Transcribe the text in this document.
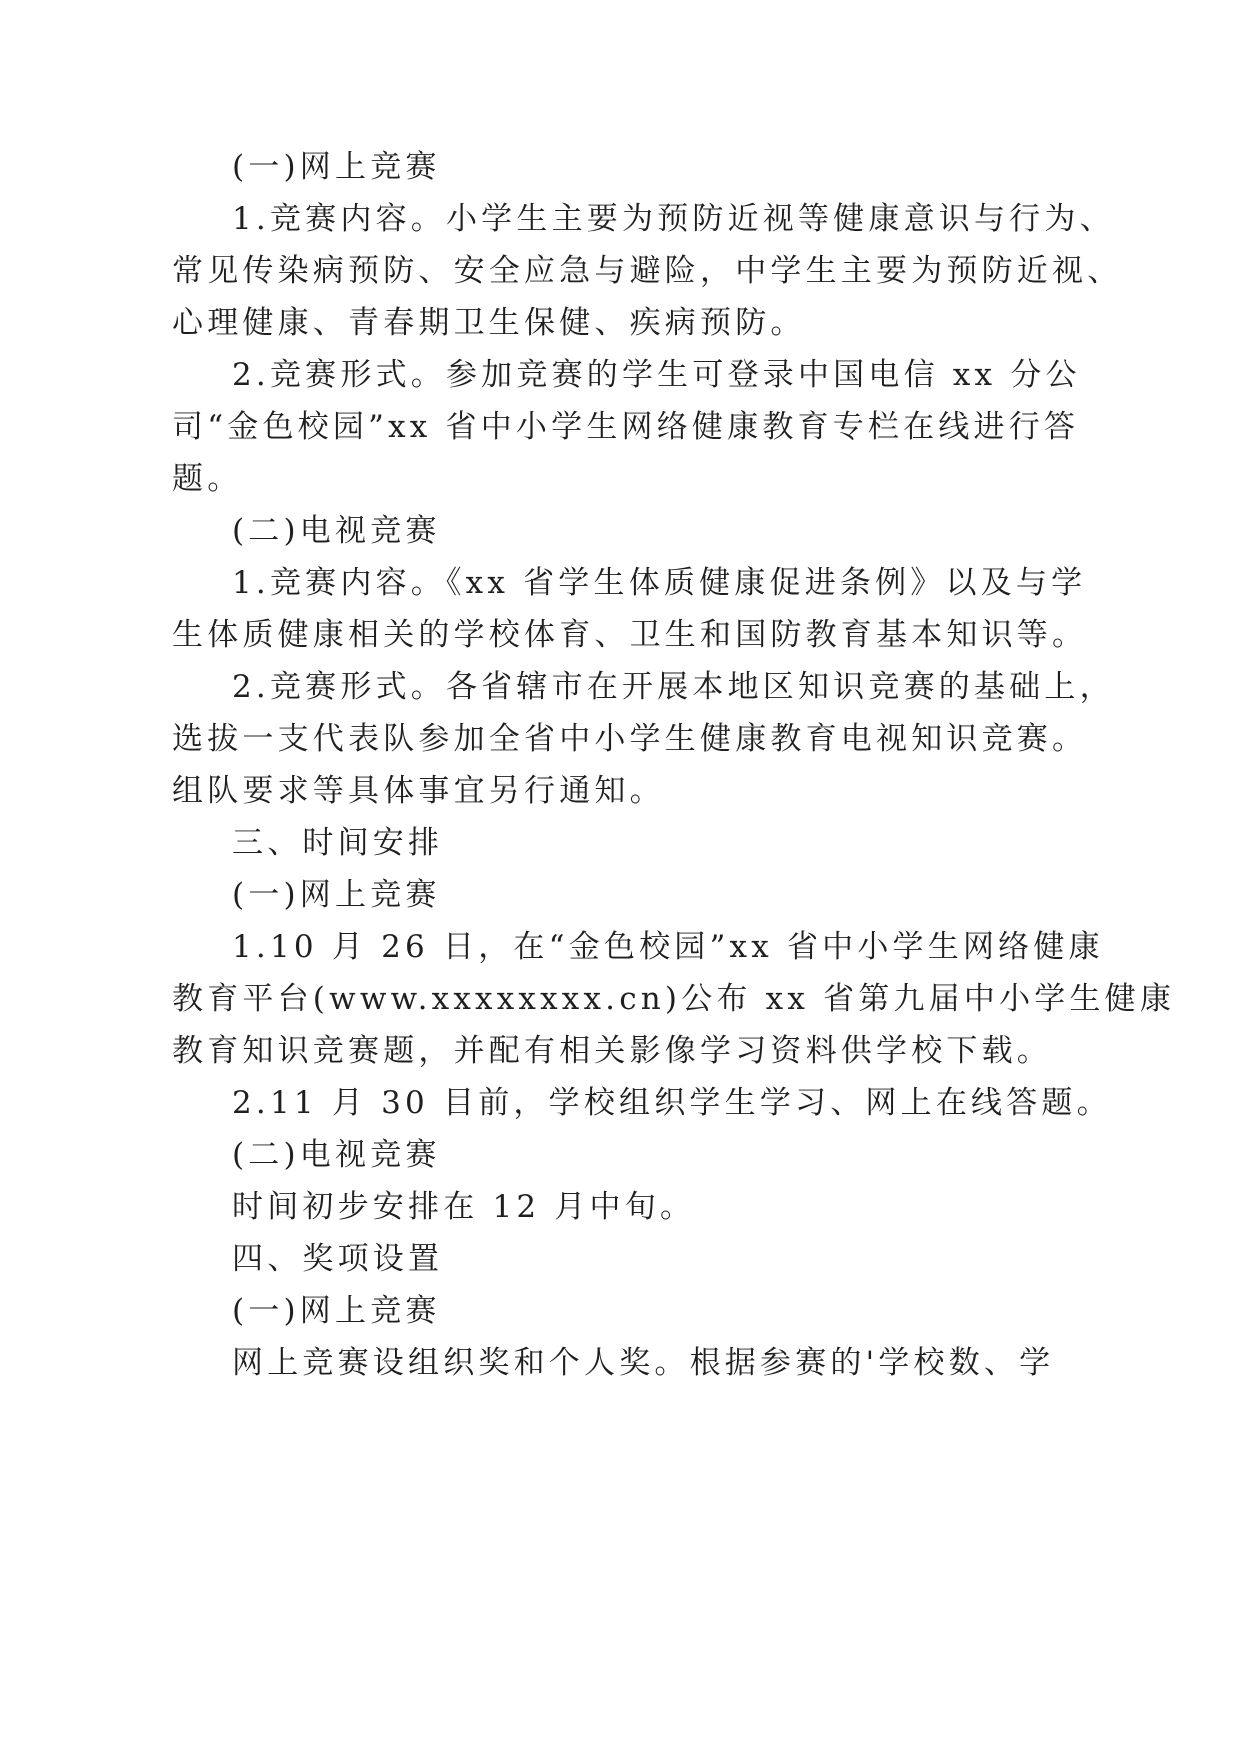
(一)网上竞赛
1.竞赛内容。小学生主要为预防近视等健康意识与行为、
常见传染病预防、安全应急与避险，中学生主要为预防近视、
心理健康、青春期卫生保健、疾病预防。
2.竞赛形式。参加竞赛的学生可登录中国电信 xx 分公
司“金色校园”xx 省中小学生网络健康教育专栏在线进行答
题。
(二)电视竞赛
1.竞赛内容。《xx 省学生体质健康促进条例》以及与学
生体质健康相关的学校体育、卫生和国防教育基本知识等。
2.竞赛形式。各省辖市在开展本地区知识竞赛的基础上，
选拔一支代表队参加全省中小学生健康教育电视知识竞赛。
组队要求等具体事宜另行通知。
三、时间安排
(一)网上竞赛
1.10 月 26 日，在“金色校园”xx 省中小学生网络健康
教育平台(www.xxxxxxxx.cn)公布 xx 省第九届中小学生健康
教育知识竞赛题，并配有相关影像学习资料供学校下载。
2.11 月 30 目前，学校组织学生学习、网上在线答题。
(二)电视竞赛
时间初步安排在 12 月中旬。
四、奖项设置
(一)网上竞赛
网上竞赛设组织奖和个人奖。根据参赛的'学校数、学
